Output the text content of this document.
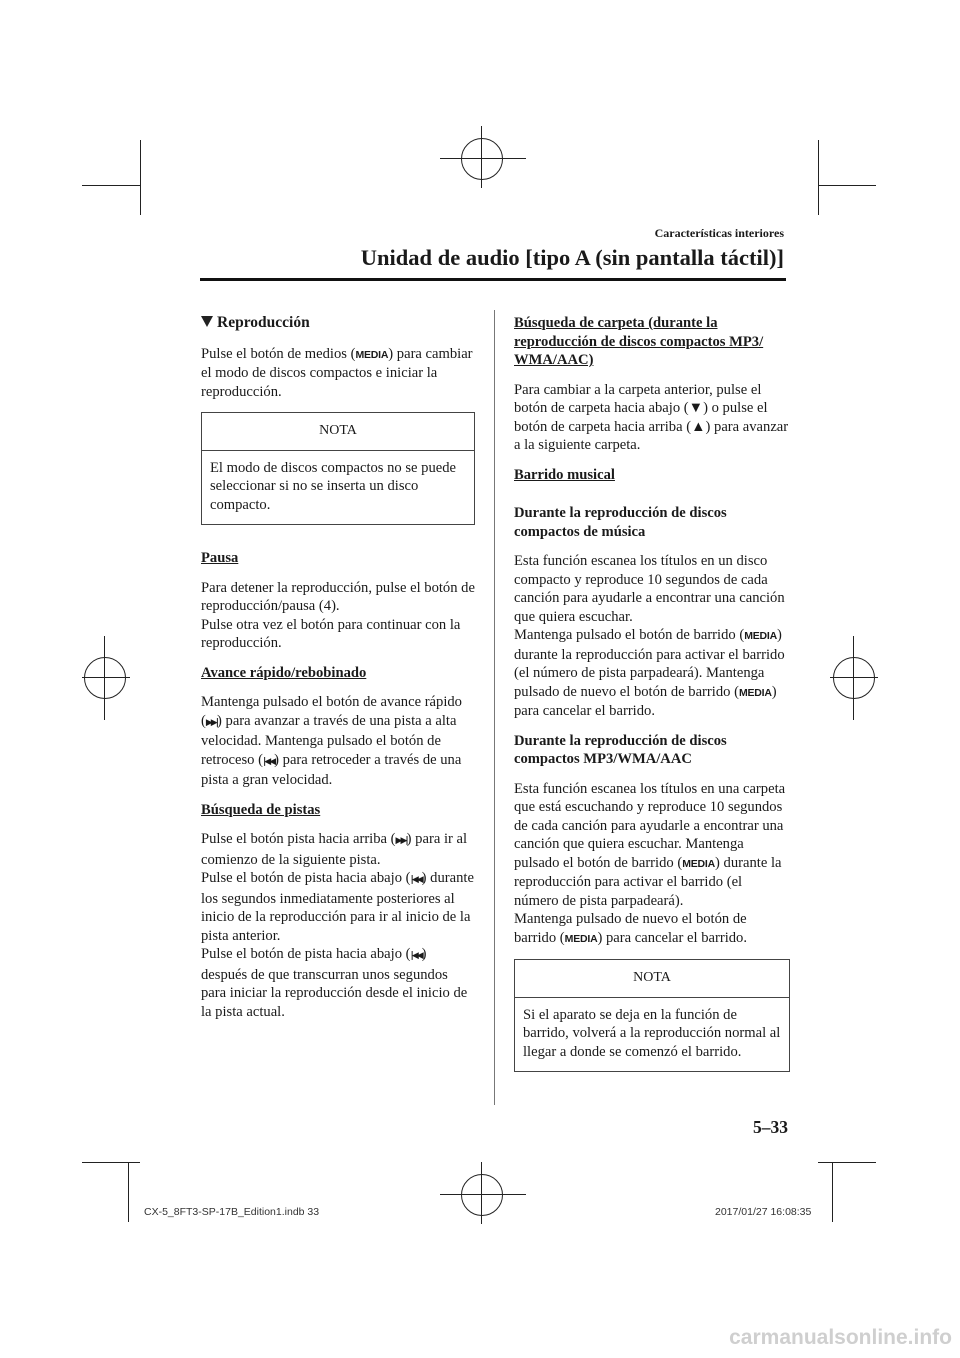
Características interiores
Unidad de audio [tipo A (sin pantalla táctil)]
Reproducción

Pulse el botón de medios (MEDIA) para cambiar el modo de discos compactos e iniciar la reproducción.

NOTA
El modo de discos compactos no se puede seleccionar si no se inserta un disco compacto.

Pausa

Para detener la reproducción, pulse el botón de reproducción/pausa (4).
Pulse otra vez el botón para continuar con la reproducción.

Avance rápido/rebobinado

Mantenga pulsado el botón de avance rápido (▶▶|) para avanzar a través de una pista a alta velocidad. Mantenga pulsado el botón de retroceso (|◀◀) para retroceder a través de una pista a gran velocidad.

Búsqueda de pistas

Pulse el botón pista hacia arriba (▶▶|) para ir al comienzo de la siguiente pista.
Pulse el botón de pista hacia abajo (|◀◀) durante los segundos inmediatamente posteriores al inicio de la reproducción para ir al inicio de la pista anterior.
Pulse el botón de pista hacia abajo (|◀◀) después de que transcurran unos segundos para iniciar la reproducción desde el inicio de la pista actual.

Búsqueda de carpeta (durante la reproducción de discos compactos MP3/ WMA/AAC)

Para cambiar a la carpeta anterior, pulse el botón de carpeta hacia abajo (▼) o pulse el botón de carpeta hacia arriba (▲) para avanzar a la siguiente carpeta.

Barrido musical

Durante la reproducción de discos compactos de música

Esta función escanea los títulos en un disco compacto y reproduce 10 segundos de cada canción para ayudarle a encontrar una canción que quiera escuchar.
Mantenga pulsado el botón de barrido (MEDIA) durante la reproducción para activar el barrido (el número de pista parpadeará). Mantenga pulsado de nuevo el botón de barrido (MEDIA) para cancelar el barrido.

Durante la reproducción de discos compactos MP3/WMA/AAC

Esta función escanea los títulos en una carpeta que está escuchando y reproduce 10 segundos de cada canción para ayudarle a encontrar una canción que quiera escuchar. Mantenga pulsado el botón de barrido (MEDIA) durante la reproducción para activar el barrido (el número de pista parpadeará).
Mantenga pulsado de nuevo el botón de barrido (MEDIA) para cancelar el barrido.

NOTA
Si el aparato se deja en la función de barrido, volverá a la reproducción normal al llegar a donde se comenzó el barrido.
5–33
CX-5_8FT3-SP-17B_Edition1.indb 33	2017/01/27 16:08:35
carmanualsonline.info
